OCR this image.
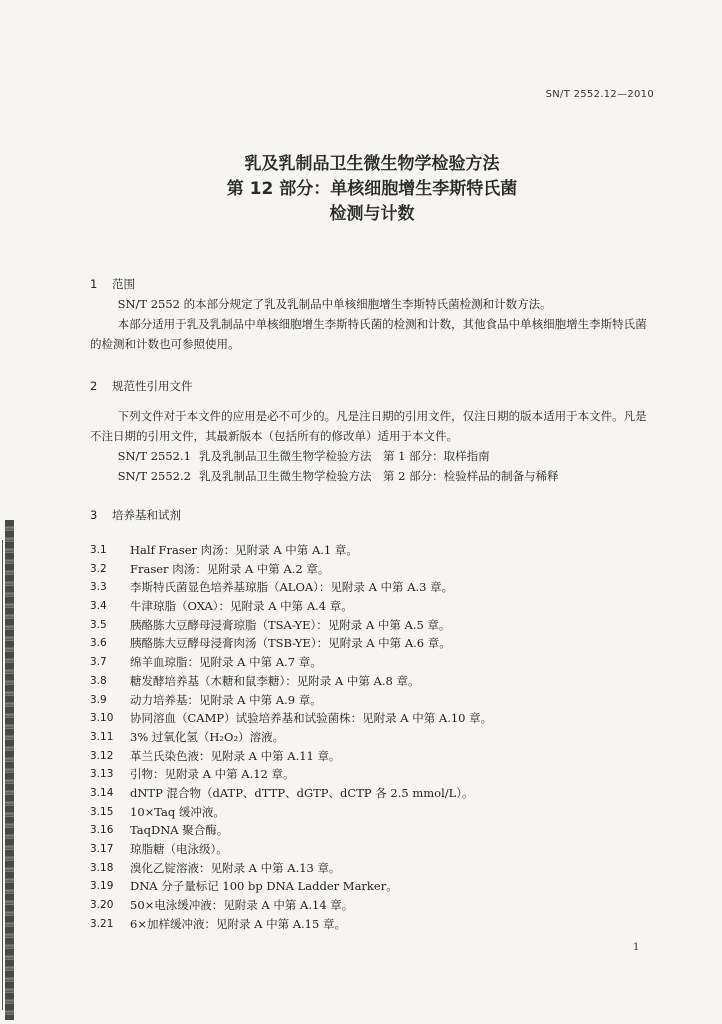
SN/T 2552.12—2010
乳及乳制品卫生微生物学检验方法
第 12 部分：单核细胞增生李斯特氏菌
检测与计数
1 范围

SN/T 2552 的本部分规定了乳及乳制品中单核细胞增生李斯特氏菌检测和计数方法。

本部分适用于乳及乳制品中单核细胞增生李斯特氏菌的检测和计数，其他食品中单核细胞增生李斯特氏菌的检测和计数也可参照使用。

2 规范性引用文件

下列文件对于本文件的应用是必不可少的。凡是注日期的引用文件，仅注日期的版本适用于本文件。凡是不注日期的引用文件，其最新版本（包括所有的修改单）适用于本文件。

SN/T 2552.1 乳及乳制品卫生微生物学检验方法　第 1 部分：取样指南
SN/T 2552.2 乳及乳制品卫生微生物学检验方法　第 2 部分：检验样品的制备与稀释
3 培养基和试剂
3.1	Half Fraser 肉汤：见附录 A 中第 A.1 章。
3.2	Fraser 肉汤：见附录 A 中第 A.2 章。
3.3	李斯特氏菌显色培养基琼脂（ALOA）：见附录 A 中第 A.3 章。
3.4	牛津琼脂（OXA）：见附录 A 中第 A.4 章。
3.5	胰酪胨大豆酵母浸膏琼脂（TSA-YE）：见附录 A 中第 A.5 章。
3.6	胰酪胨大豆酵母浸膏肉汤（TSB-YE）：见附录 A 中第 A.6 章。
3.7	绵羊血琼脂：见附录 A 中第 A.7 章。
3.8	糖发酵培养基（木糖和鼠李糖）：见附录 A 中第 A.8 章。
3.9	动力培养基：见附录 A 中第 A.9 章。
3.10	协同溶血（CAMP）试验培养基和试验菌株：见附录 A 中第 A.10 章。
3.11	3% 过氧化氢（H₂O₂）溶液。
3.12	革兰氏染色液：见附录 A 中第 A.11 章。
3.13	引物：见附录 A 中第 A.12 章。
3.14	dNTP 混合物（dATP、dTTP、dGTP、dCTP 各 2.5 mmol/L）。
3.15	10×Taq 缓冲液。
3.16	TaqDNA 聚合酶。
3.17	琼脂糖（电泳级）。
3.18	溴化乙锭溶液：见附录 A 中第 A.13 章。
3.19	DNA 分子量标记 100 bp DNA Ladder Marker。
3.20	50×电泳缓冲液：见附录 A 中第 A.14 章。
3.21	6×加样缓冲液：见附录 A 中第 A.15 章。
1
